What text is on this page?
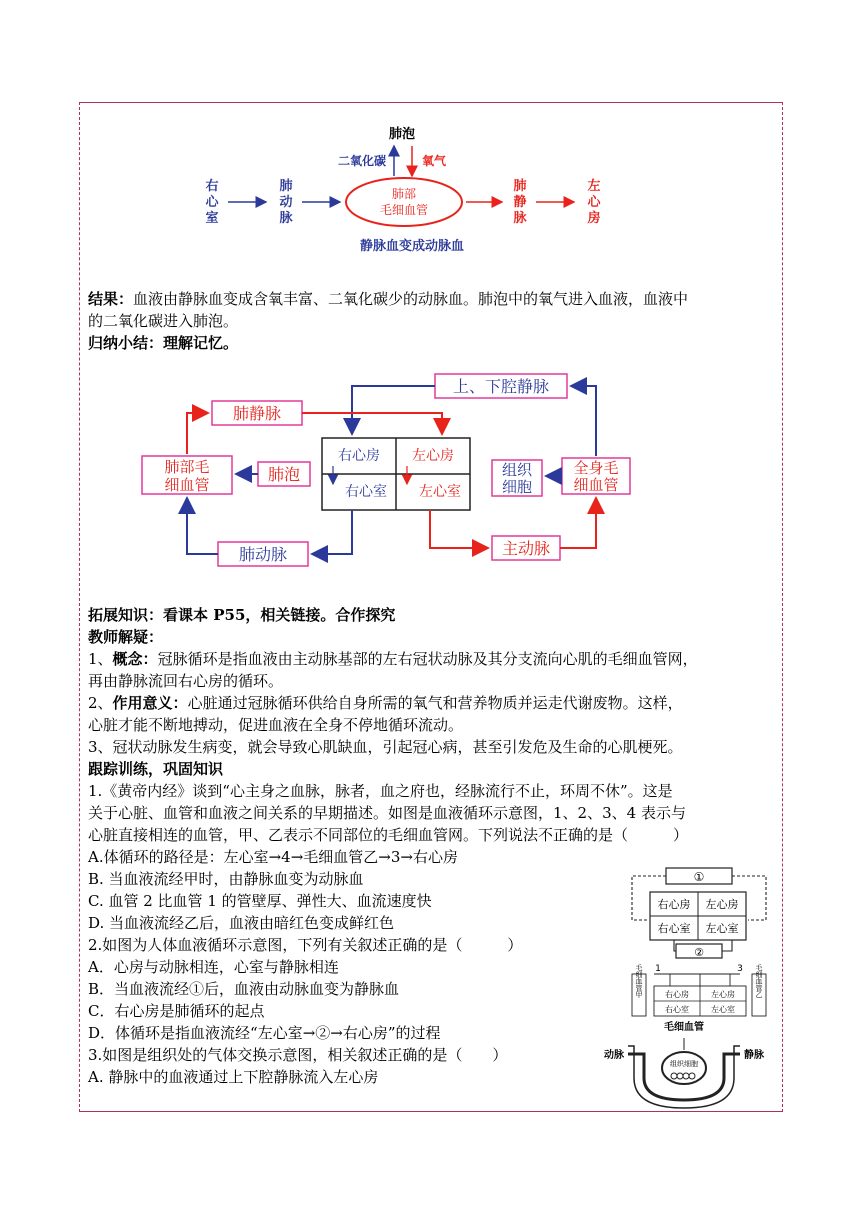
肺泡
二氧化碳	氧气
右
心
室
肺
动
脉
肺部
毛细血管
肺
静
脉
左
心
房
静脉血变成动脉血
结果：血液由静脉血变成含氧丰富、二氧化碳少的动脉血。肺泡中的氧气进入血液，血液中
的二氧化碳进入肺泡。
归纳小结：理解记忆。
上、下腔静脉
肺静脉
肺部毛
细血管
肺泡
右心房 左心房
右心室 左心室
组织
细胞
全身毛
细血管
肺动脉	主动脉
拓展知识：看课本 P55，相关链接。合作探究
教师解疑：
1、概念：冠脉循环是指血液由主动脉基部的左右冠状动脉及其分支流向心肌的毛细血管网，
再由静脉流回右心房的循环。
2、作用意义：心脏通过冠脉循环供给自身所需的氧气和营养物质并运走代谢废物。这样，
心脏才能不断地搏动，促进血液在全身不停地循环流动。
3、冠状动脉发生病变，就会导致心肌缺血，引起冠心病，甚至引发危及生命的心肌梗死。
跟踪训练，巩固知识
1.《黄帝内经》谈到“心主身之血脉，脉者，血之府也，经脉流行不止，环周不休”。这是
关于心脏、血管和血液之间关系的早期描述。如图是血液循环示意图，1、2、3、4 表示与
心脏直接相连的血管，甲、乙表示不同部位的毛细血管网。下列说法不正确的是（　　　）
A.体循环的路径是：左心室→4→毛细血管乙→3→右心房
B. 当血液流经甲时，由静脉血变为动脉血
C. 血管 2 比血管 1 的管壁厚、弹性大、血流速度快
D. 当血液流经乙后，血液由暗红色变成鲜红色
2.如图为人体血液循环示意图，下列有关叙述正确的是（　　　）
A．心房与动脉相连，心室与静脉相连
B．当血液流经①后，血液由动脉血变为静脉血
C．右心房是肺循环的起点
D．体循环是指血液流经“左心室→②→右心房”的过程
3.如图是组织处的气体交换示意图，相关叙述正确的是（　　）
A. 静脉中的血液通过上下腔静脉流入左心房
①
右心房 左心房
右心室 左心室
②
1	3
毛细血管甲	毛细血管乙
右心房	左心房
右心室	左心室
毛细血管
动脉	静脉
组织细胞
